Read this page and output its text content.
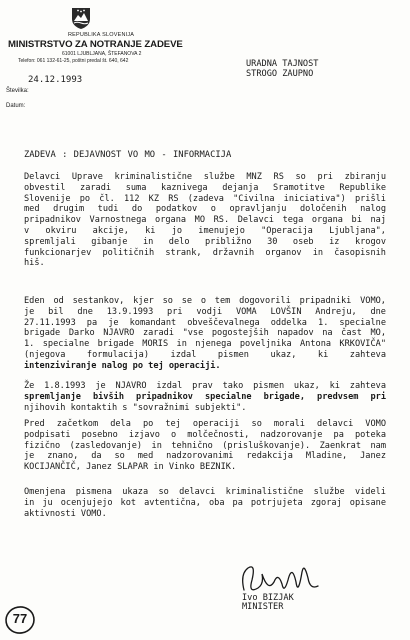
REPUBLIKA SLOVENIJA
MINISTRSTVO ZA NOTRANJE ZADEVE
61001 LJUBLJANA, ŠTEFANOVA 2
Telefon: 061 132-61-25, poštni predal št. 640, 642
24.12.1993
Številka:
Datum:
URADNA TAJNOST
STROGO ZAUPNO
ZADEVA : DEJAVNOST VO MO - INFORMACIJA
Delavci Uprave kriminalistične službe MNZ RS so pri zbiranju
obvestil zaradi suma kaznivega dejanja Sramotitve Republike
Slovenije po čl. 112 KZ RS (zadeva "Civilna iniciativa") prišli
med drugim tudi do podatkov o opravljanju določenih nalog
pripadnikov Varnostnega organa MO RS. Delavci tega organa bi naj
v okviru akcije, ki jo imenujejo "Operacija Ljubljana",
spremljali gibanje in delo približno 30 oseb iz krogov
funkcionarjev političnih strank, državnih organov in časopisnih
hiš.
Eden od sestankov, kjer so se o tem dogovorili pripadniki VOMO,
je bil dne 13.9.1993 pri vodji VOMA LOVŠIN Andreju, dne
27.11.1993 pa je komandant obveščevalnega oddelka 1. specialne
brigade Darko NJAVRO zaradi "vse pogostejših napadov na čast MO,
1. specialne brigade MORIS in njenega poveljnika Antona KRKOVIČA"
(njegova formulacija) izdal pismen ukaz, ki zahteva
intenziviranje nalog po tej operaciji.
Že 1.8.1993 je NJAVRO izdal prav tako pismen ukaz, ki zahteva
spremljanje bivših pripadnikov specialne brigade, predvsem pri
njihovih kontaktih s "sovražnimi subjekti".
Pred začetkom dela po tej operaciji so morali delavci VOMO
podpisati posebno izjavo o molčečnosti, nadzorovanje pa poteka
fizično (zasledovanje) in tehnično (prisluškovanje). Zaenkrat nam
je znano, da so med nadzorovanimi redakcija Mladine, Janez
KOCIJANČIČ, Janez SLAPAR in Vinko BEZNIK.
Omenjena pismena ukaza so delavci kriminalistične službe videli
in ju ocenjujejo kot avtentična, oba pa potrjujeta zgoraj opisane
aktivnosti VOMO.
Ivo BIZJAK
MINISTER
77
